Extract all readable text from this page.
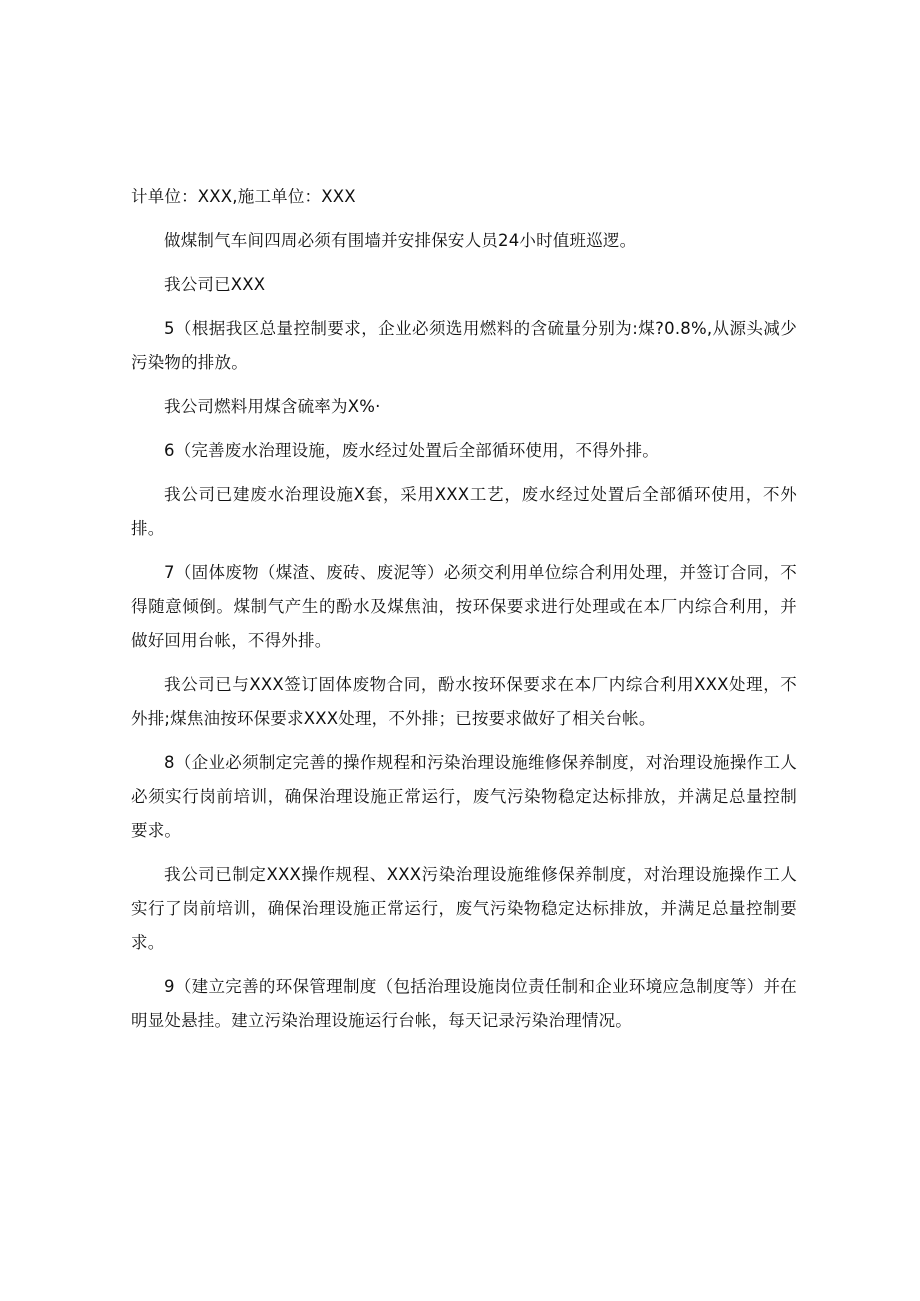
计单位：XXX,施工单位：XXX

做煤制气车间四周必须有围墙并安排保安人员24小时值班巡逻。

我公司已XXX

5（根据我区总量控制要求，企业必须选用燃料的含硫量分别为:煤?0.8%,从源头减少污染物的排放。

我公司燃料用煤含硫率为X%·

6（完善废水治理设施，废水经过处置后全部循环使用，不得外排。

我公司已建废水治理设施X套，采用XXX工艺，废水经过处置后全部循环使用，不外排。

7（固体废物（煤渣、废砖、废泥等）必须交利用单位综合利用处理，并签订合同，不得随意倾倒。煤制气产生的酚水及煤焦油，按环保要求进行处理或在本厂内综合利用，并做好回用台帐，不得外排。

我公司已与XXX签订固体废物合同，酚水按环保要求在本厂内综合利用XXX处理，不外排;煤焦油按环保要求XXX处理，不外排；已按要求做好了相关台帐。

8（企业必须制定完善的操作规程和污染治理设施维修保养制度，对治理设施操作工人必须实行岗前培训，确保治理设施正常运行，废气污染物稳定达标排放，并满足总量控制要求。

我公司已制定XXX操作规程、XXX污染治理设施维修保养制度，对治理设施操作工人实行了岗前培训，确保治理设施正常运行，废气污染物稳定达标排放，并满足总量控制要求。

9（建立完善的环保管理制度（包括治理设施岗位责任制和企业环境应急制度等）并在明显处悬挂。建立污染治理设施运行台帐，每天记录污染治理情况。
